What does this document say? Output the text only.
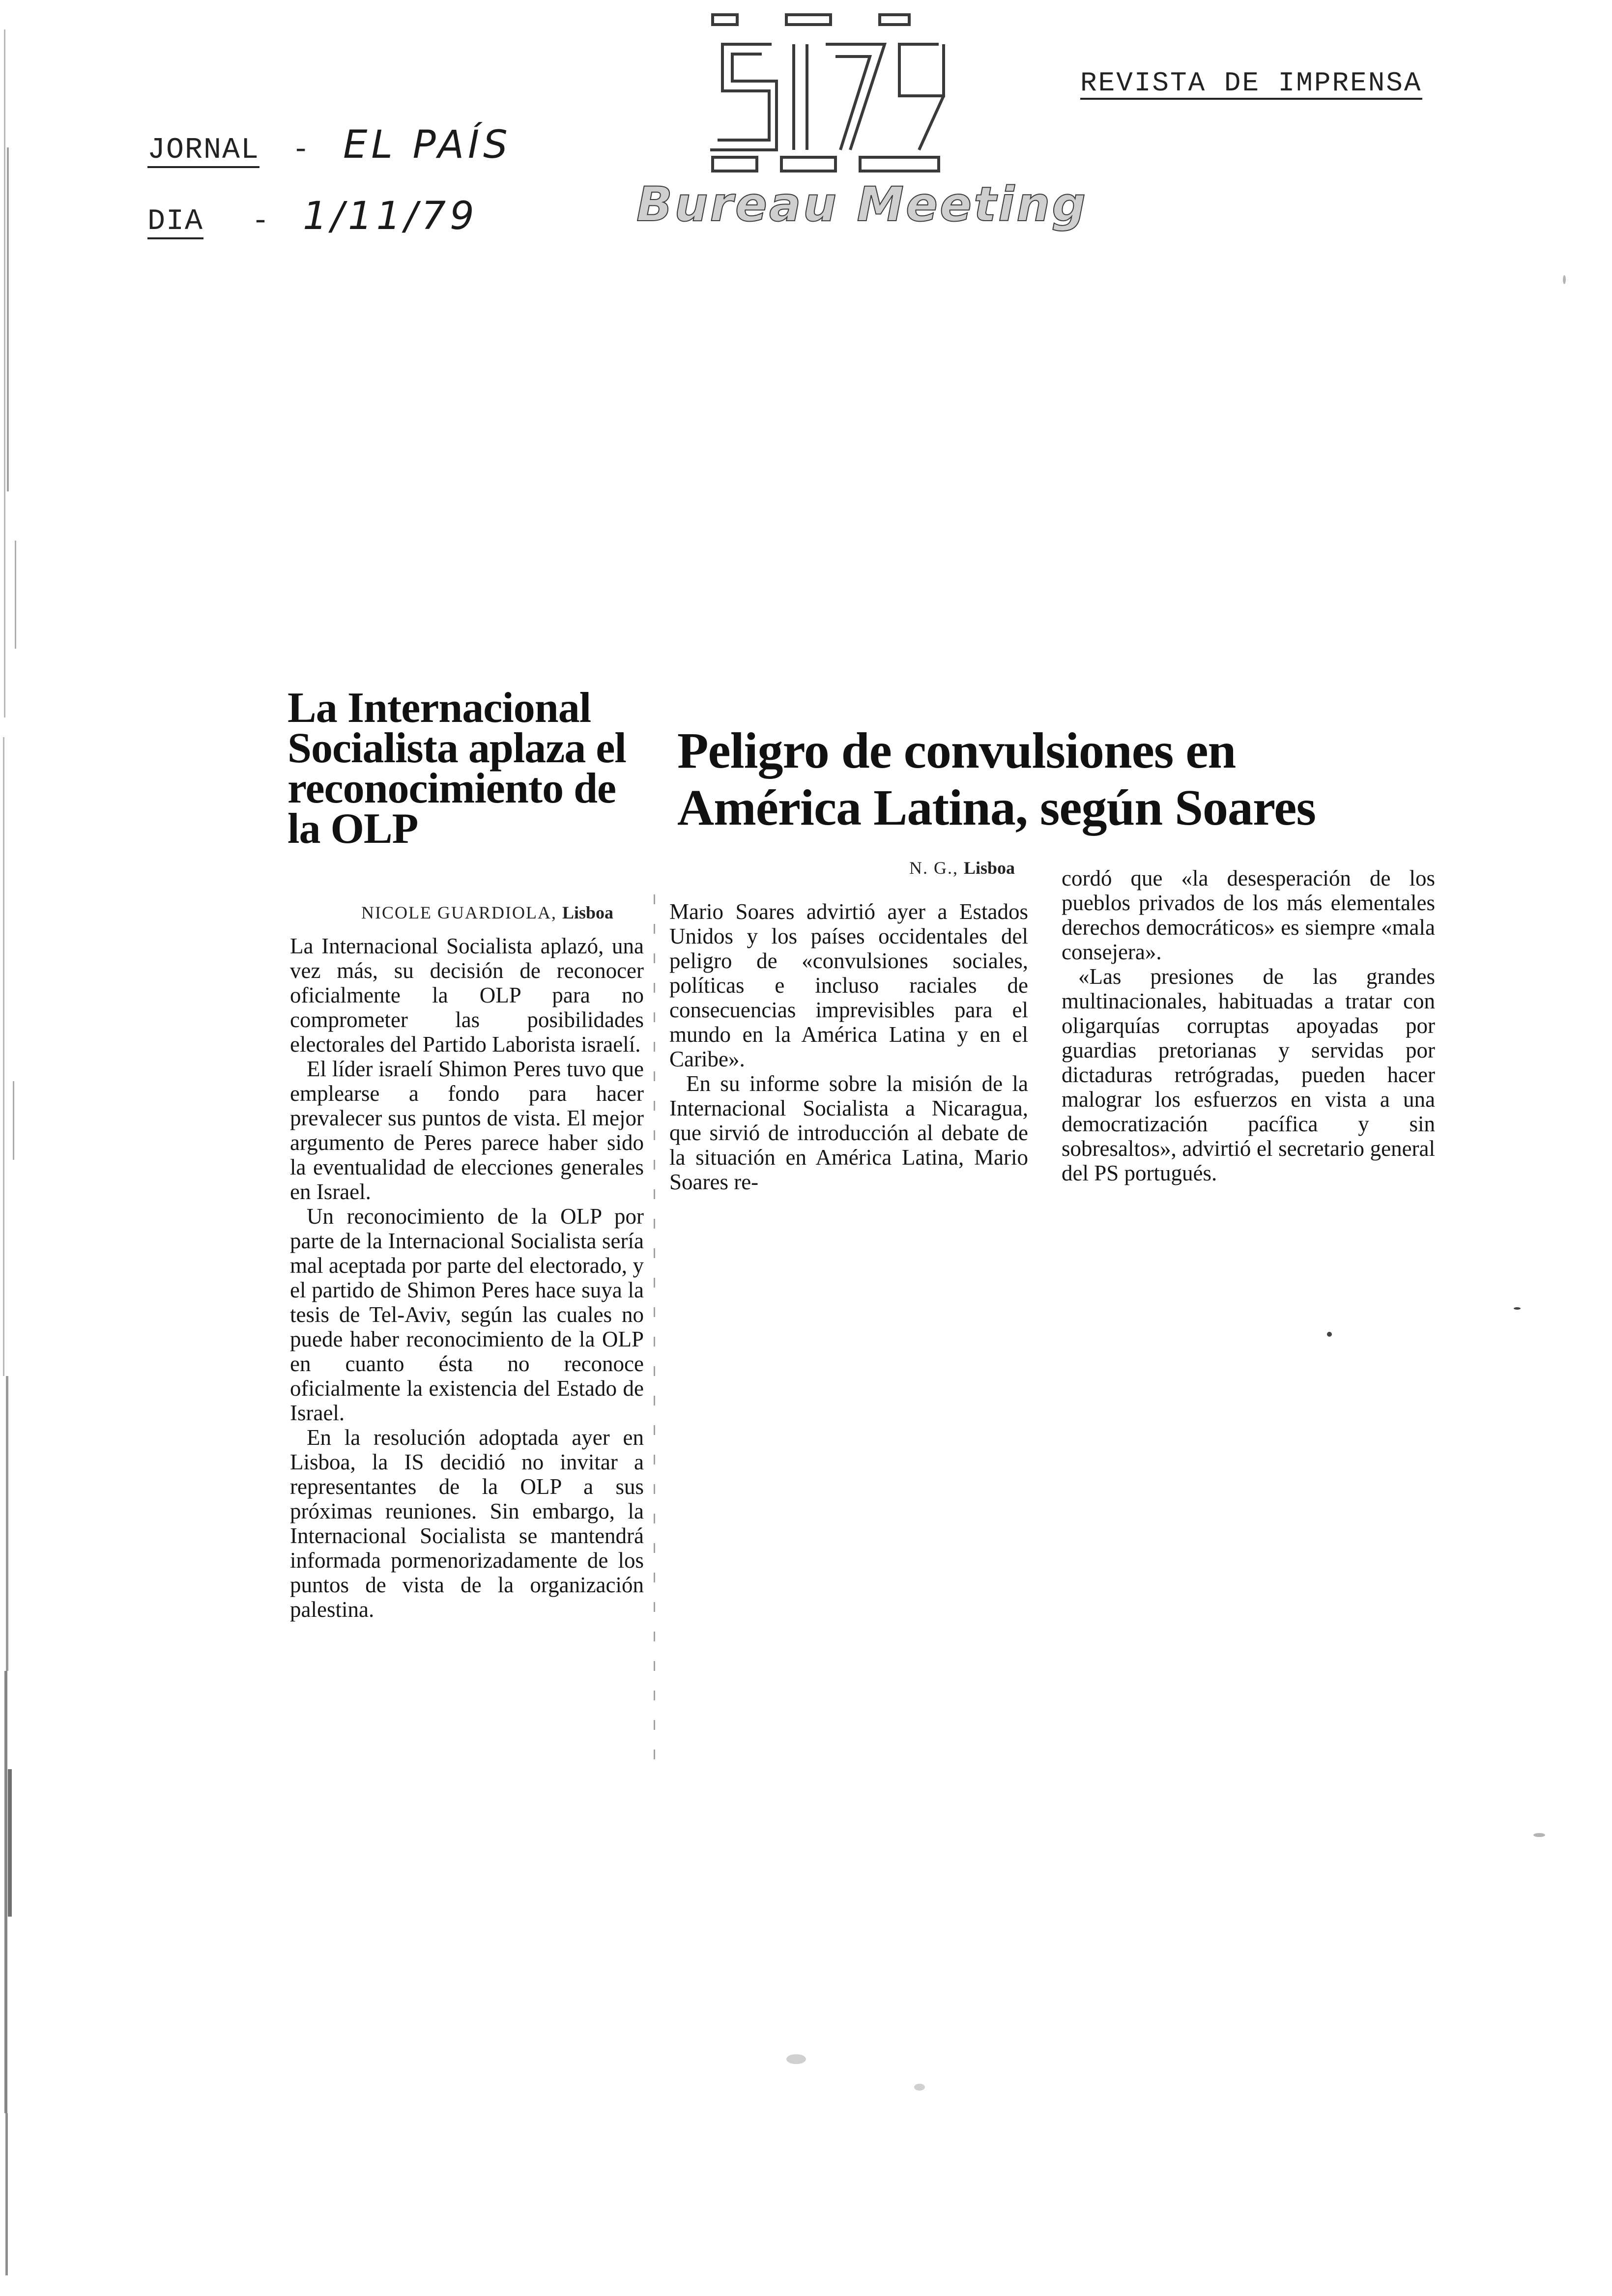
JORNAL - EL PAÍS
DIA - 1/11/79
REVISTA DE IMPRENSA
Bureau Meeting
La Internacional Socialista aplaza el reconocimiento de la OLP
NICOLE GUARDIOLA, Lisboa

La Internacional Socialista aplazó, una vez más, su decisión de reconocer oficialmente la OLP para no comprometer las posibilidades electorales del Partido Laborista israelí.

El líder israelí Shimon Peres tuvo que emplearse a fondo para hacer prevalecer sus puntos de vista. El mejor argumento de Peres parece haber sido la eventualidad de elecciones generales en Israel.

Un reconocimiento de la OLP por parte de la Internacional Socialista sería mal aceptada por parte del electorado, y el partido de Shimon Peres hace suya la tesis de Tel-Aviv, según las cuales no puede haber reconocimiento de la OLP en cuanto ésta no reconoce oficialmente la existencia del Estado de Israel.

En la resolución adoptada ayer en Lisboa, la IS decidió no invitar a representantes de la OLP a sus próximas reuniones. Sin embargo, la Internacional Socialista se mantendrá informada pormenorizadamente de los puntos de vista de la organización palestina.

Peligro de convulsiones en América Latina, según Soares
N. G., Lisboa

Mario Soares advirtió ayer a Estados Unidos y los países occidentales del peligro de «convulsiones sociales, políticas e incluso raciales de consecuencias imprevisibles para el mundo en la América Latina y en el Caribe».

En su informe sobre la misión de la Internacional Socialista a Nicaragua, que sirvió de introducción al debate de la situación en América Latina, Mario Soares re-

cordó que «la desesperación de los pueblos privados de los más elementales derechos democráticos» es siempre «mala consejera».

«Las presiones de las grandes multinacionales, habituadas a tratar con oligarquías corruptas apoyadas por guardias pretorianas y servidas por dictaduras retrógradas, pueden hacer malograr los esfuerzos en vista a una democratización pacífica y sin sobresaltos», advirtió el secretario general del PS portugués.
